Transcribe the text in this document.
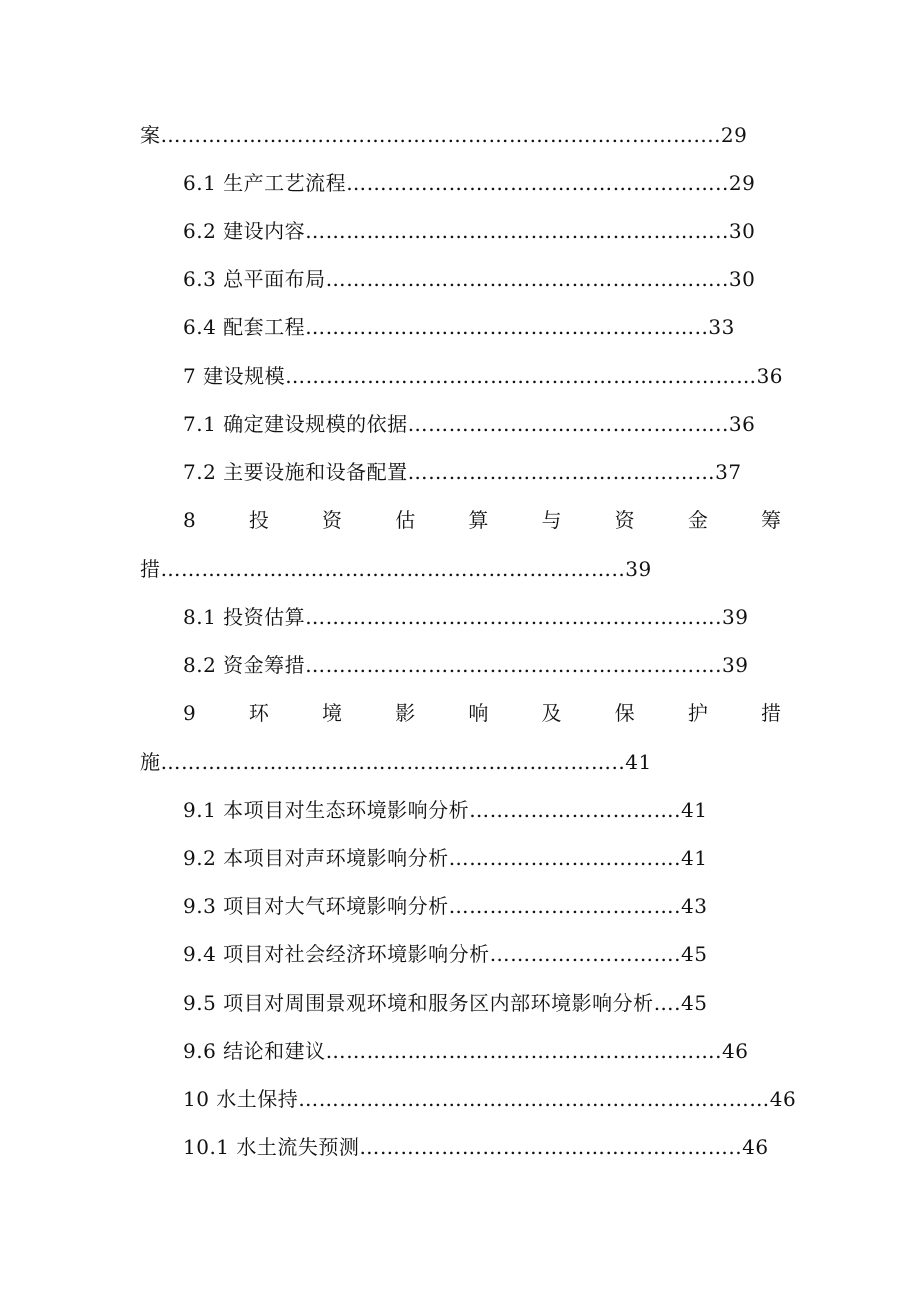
案……………………………………………………………………....29
6.1 生产工艺流程………………………………………………..29
6.2 建设内容……………………………………………………..30
6.3 总平面布局…………………………………………………..30
6.4 配套工程…………………………………………………..33
7 建设规模……………………………………………………………36
7.1 确定建设规模的依据………………………………………..36
7.2 主要设施和设备配置………………………………………37
8	投	资	估	算	与	资	金	筹
措…………………………………………………………..39
8.1 投资估算…………………………………………………….39
8.2 资金筹措…………………………………………………….39
9	环	境	影	响	及	保	护	措
施…………………………………………………………..41
9.1 本项目对生态环境影响分析………………………….41
9.2 本项目对声环境影响分析…………………………….41
9.3 项目对大气环境影响分析…………………………….43
9.4 项目对社会经济环境影响分析……………………….45
9.5 项目对周围景观环境和服务区内部环境影响分析….45
9.6 结论和建议………………………………………………….46
10 水土保持……………………………………………………………46
10.1 水土流失预测………………………………………………..46
